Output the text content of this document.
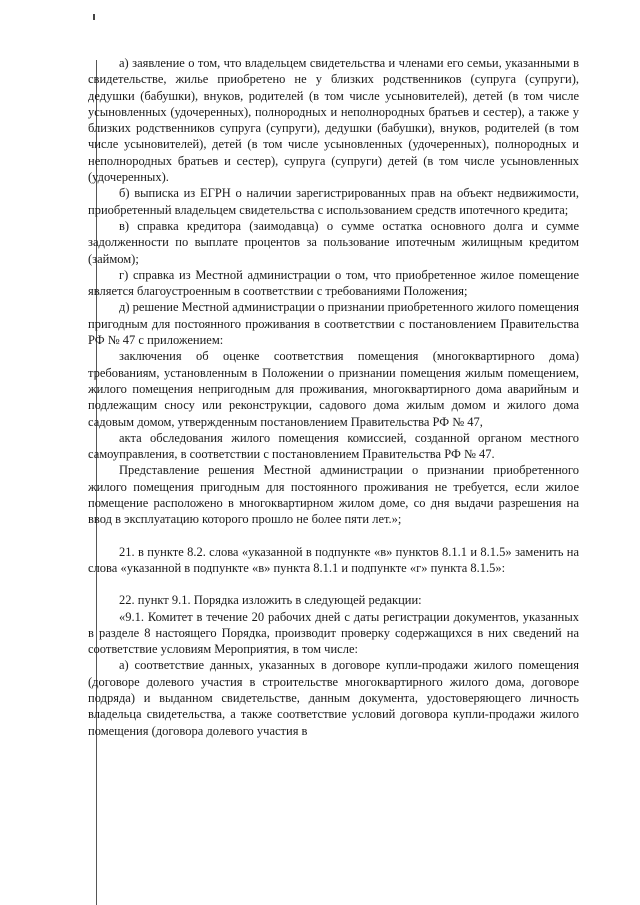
а) заявление о том, что владельцем свидетельства и членами его семьи, указанными в свидетельстве, жилье приобретено не у близких родственников (супруга (супруги), дедушки (бабушки), внуков, родителей (в том числе усыновителей), детей (в том числе усыновленных (удочеренных), полнородных и неполнородных братьев и сестер), а также у близких родственников супруга (супруги), дедушки (бабушки), внуков, родителей (в том числе усыновителей), детей (в том числе усыновленных (удочеренных), полнородных и неполнородных братьев и сестер), супруга (супруги) детей (в том числе усыновленных (удочеренных).

б) выписка из ЕГРН о наличии зарегистрированных прав на объект недвижимости, приобретенный владельцем свидетельства с использованием средств ипотечного кредита;

в) справка кредитора (заимодавца) о сумме остатка основного долга и сумме задолженности по выплате процентов за пользование ипотечным жилищным кредитом (займом);

г) справка из Местной администрации о том, что приобретенное жилое помещение является благоустроенным в соответствии с требованиями Положения;

д) решение Местной администрации о признании приобретенного жилого помещения пригодным для постоянного проживания в соответствии с постановлением Правительства РФ № 47 с приложением:

заключения об оценке соответствия помещения (многоквартирного дома) требованиям, установленным в Положении о признании помещения жилым помещением, жилого помещения непригодным для проживания, многоквартирного дома аварийным и подлежащим сносу или реконструкции, садового дома жилым домом и жилого дома садовым домом, утвержденным постановлением Правительства РФ № 47,

акта обследования жилого помещения комиссией, созданной органом местного самоуправления, в соответствии с постановлением Правительства РФ № 47.

Представление решения Местной администрации о признании приобретенного жилого помещения пригодным для постоянного проживания не требуется, если жилое помещение расположено в многоквартирном жилом доме, со дня выдачи разрешения на ввод в эксплуатацию которого прошло не более пяти лет.»;

21. в пункте 8.2. слова «указанной в подпункте «в» пунктов 8.1.1 и 8.1.5» заменить на слова «указанной в подпункте «в» пункта 8.1.1 и подпункте «г» пункта 8.1.5»:

22. пункт 9.1. Порядка изложить в следующей редакции:

«9.1. Комитет в течение 20 рабочих дней с даты регистрации документов, указанных в разделе 8 настоящего Порядка, производит проверку содержащихся в них сведений на соответствие условиям Мероприятия, в том числе:

а) соответствие данных, указанных в договоре купли-продажи жилого помещения (договоре долевого участия в строительстве многоквартирного жилого дома, договоре подряда) и выданном свидетельстве, данным документа, удостоверяющего личность владельца свидетельства, а также соответствие условий договора купли-продажи жилого помещения (договора долевого участия в
